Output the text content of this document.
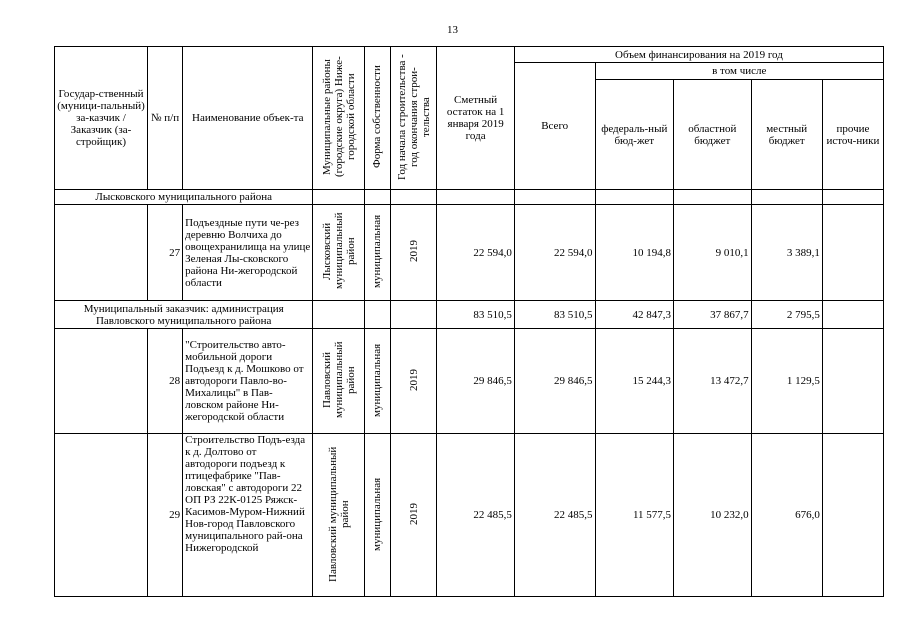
13
Государ-ственный (муници-пальный) за-казчик / Заказчик (за-стройщик)	№ п/п	Наименование объек-та	Муниципальные районы (городские округа) Ниже-городской области	Форма собственности	Год начала строительства - год окончания строи-тельства	Сметный остаток на 1 января 2019 года	Объем финансирования на 2019 год				
							Всего	в том числе			
								федераль-ный бюд-жет	областной бюджет	местный бюджет	прочие источ-ники
Лысковского муниципального района											
	27	Подъездные пути че-рез деревню Волчиха до овощехранилища на улице Зеленая Лы-сковского района Ни-жегородской области	Лысковский муниципальный район	муниципальная	2019	22 594,0	22 594,0	10 194,8	9 010,1	3 389,1	
Муниципальный заказчик: администрация Павловского муниципального района						83 510,5	83 510,5	42 847,3	37 867,7	2 795,5	
	28	"Строительство авто-мобильной дороги Подъезд к д. Мошково от автодороги Павло-во-Михалицы" в Пав-ловском районе Ни-жегородской области	Павловский муниципальный район	муниципальная	2019	29 846,5	29 846,5	15 244,3	13 472,7	1 129,5	
	29	Строительство Подъ-езда к д. Долтово от автодороги подъезд к птицефабрике "Пав-ловская" с автодороги 22 ОП РЗ 22К-0125 Ряжск-Касимов-Муром-Нижний Нов-город Павловского муниципального рай-она Нижегородской	Павловский муниципальный район	муниципальная	2019	22 485,5	22 485,5	11 577,5	10 232,0	676,0	
